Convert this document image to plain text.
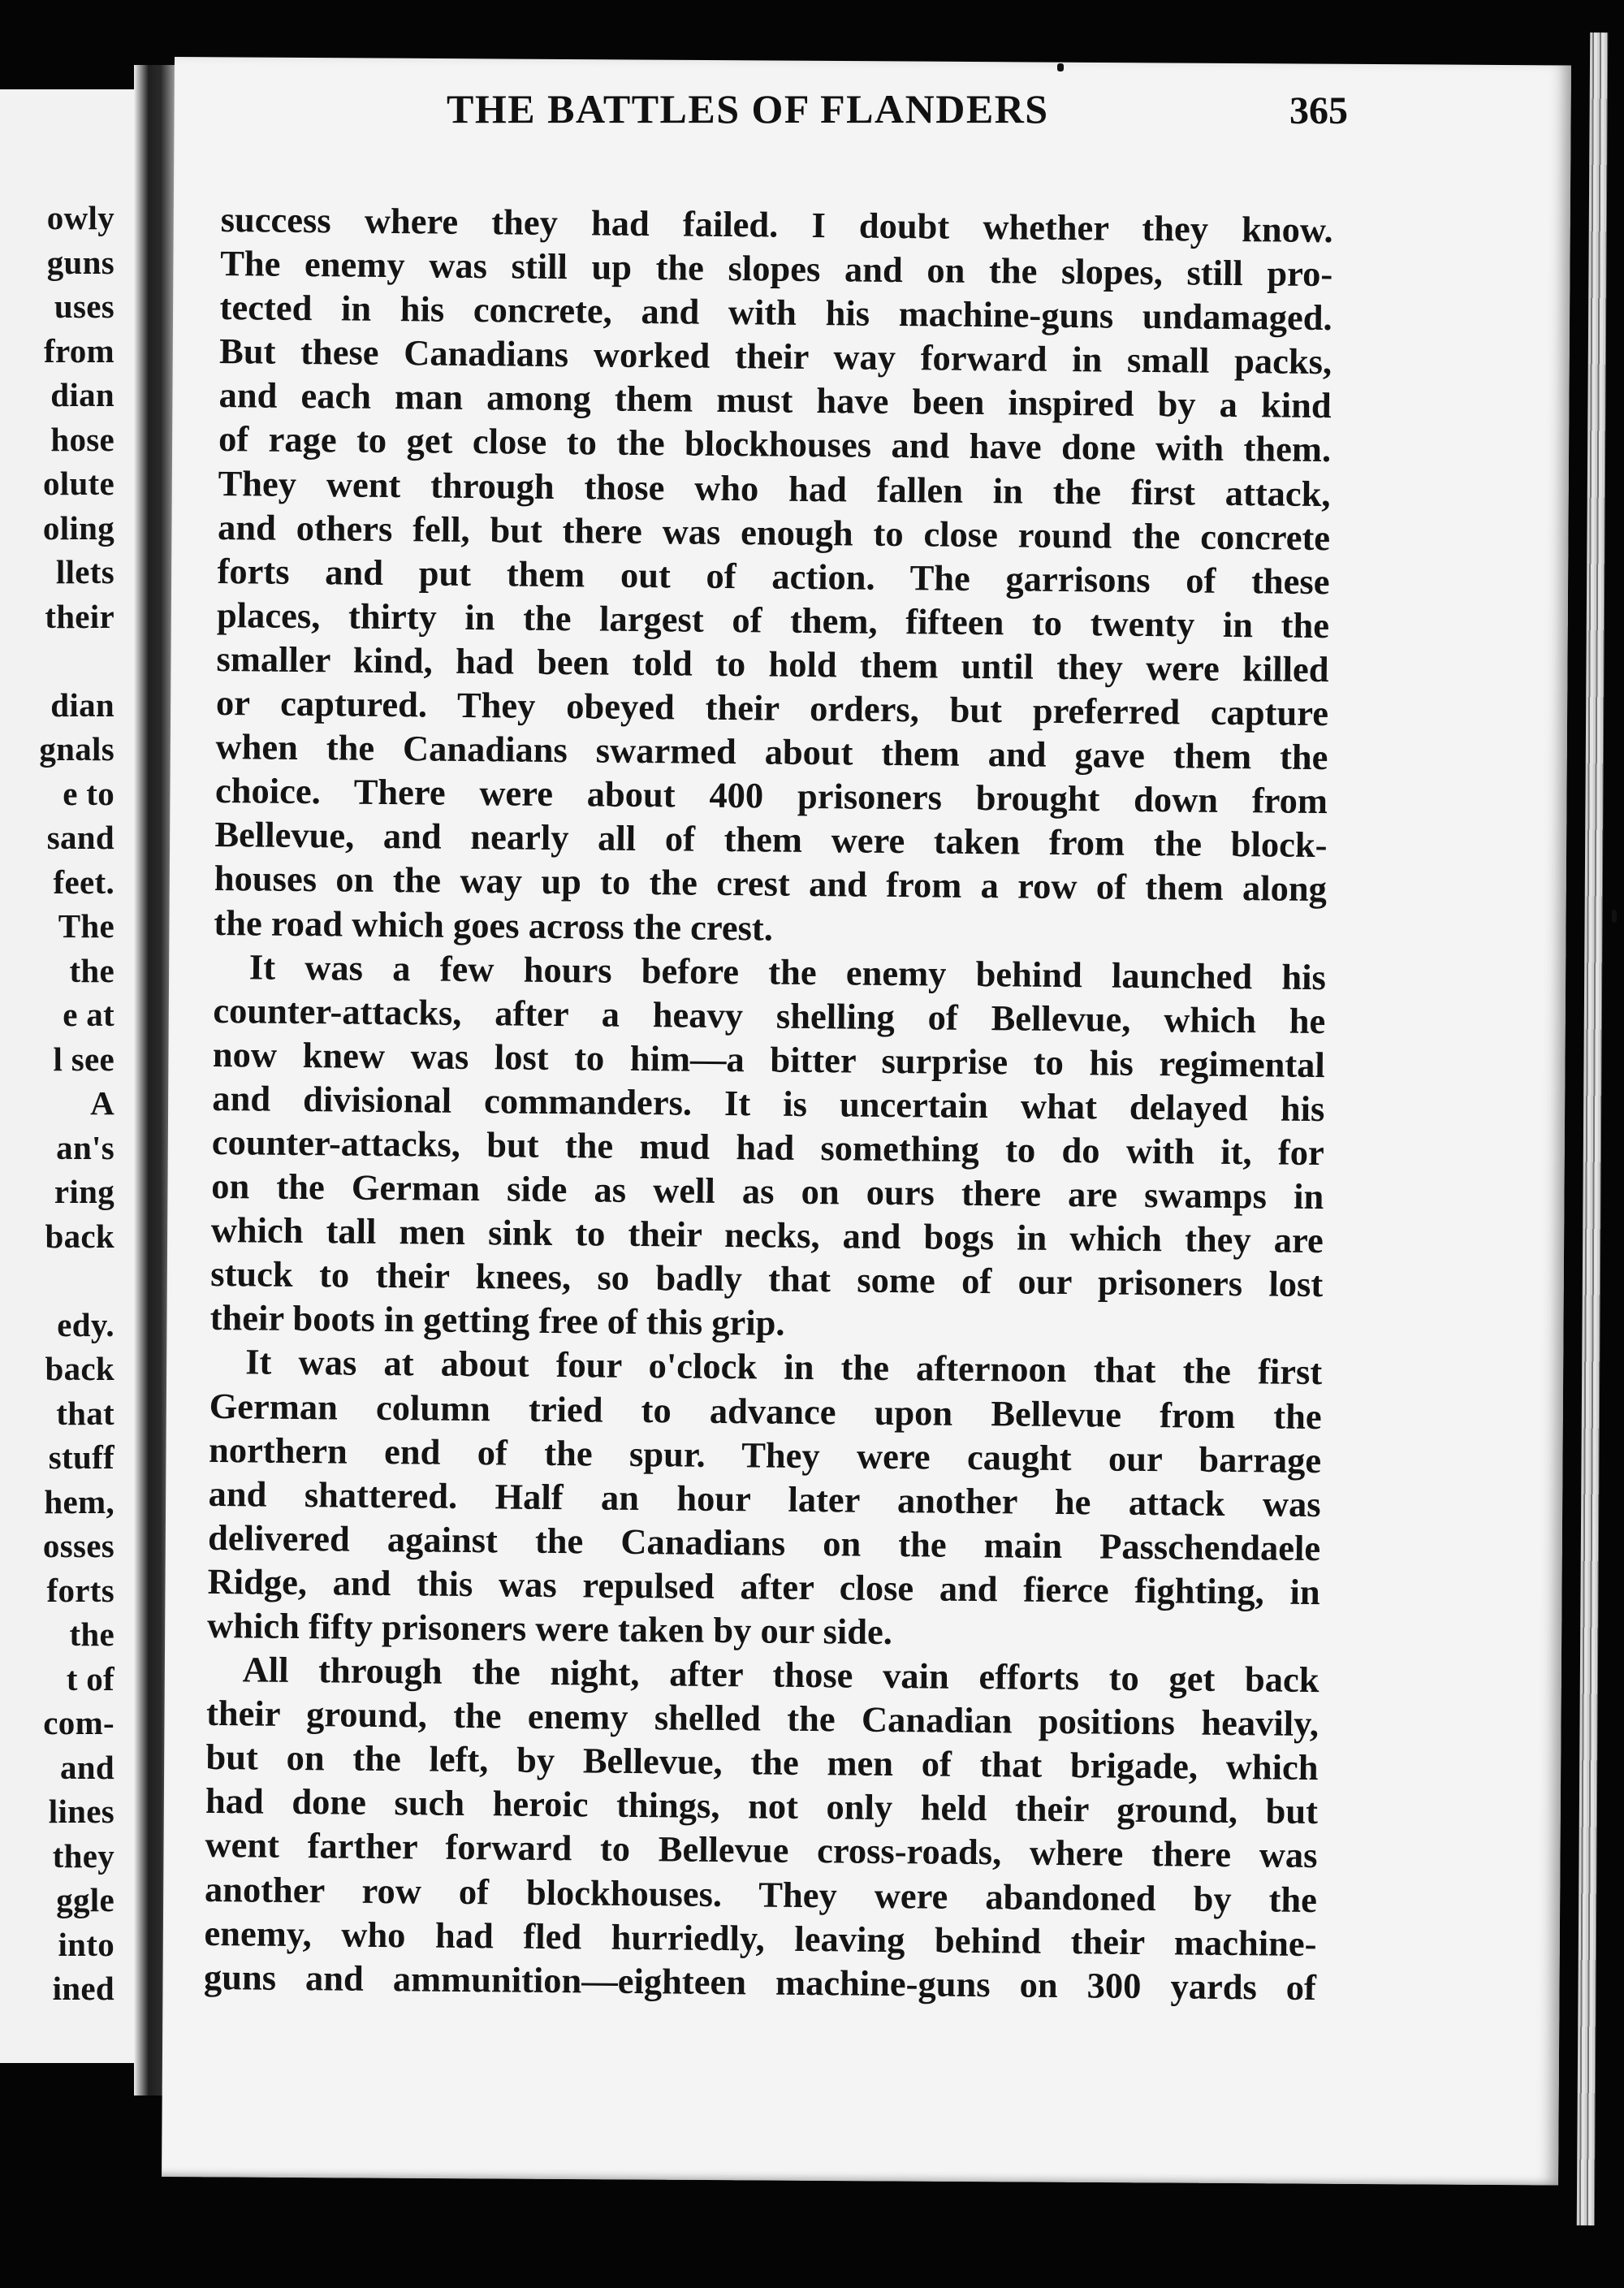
owly
guns
uses
from
dian
hose
olute
oling
llets
their
dian
gnals
e to
sand
feet.
The
the
e at
l see
A
an's
ring
back
edy.
back
that
stuff
hem,
osses
forts
the
t of
com-
and
lines
they
ggle
into
ined
THE BATTLES OF FLANDERS	365
success where they had failed. I doubt whether they know.
The enemy was still up the slopes and on the slopes, still pro-
tected in his concrete, and with his machine-guns undamaged.
But these Canadians worked their way forward in small packs,
and each man among them must have been inspired by a kind
of rage to get close to the blockhouses and have done with them.
They went through those who had fallen in the first attack,
and others fell, but there was enough to close round the concrete
forts and put them out of action. The garrisons of these
places, thirty in the largest of them, fifteen to twenty in the
smaller kind, had been told to hold them until they were killed
or captured. They obeyed their orders, but preferred capture
when the Canadians swarmed about them and gave them the
choice. There were about 400 prisoners brought down from
Bellevue, and nearly all of them were taken from the block-
houses on the way up to the crest and from a row of them along
the road which goes across the crest.
It was a few hours before the enemy behind launched his
counter-attacks, after a heavy shelling of Bellevue, which he
now knew was lost to him—a bitter surprise to his regimental
and divisional commanders. It is uncertain what delayed his
counter-attacks, but the mud had something to do with it, for
on the German side as well as on ours there are swamps in
which tall men sink to their necks, and bogs in which they are
stuck to their knees, so badly that some of our prisoners lost
their boots in getting free of this grip.
It was at about four o'clock in the afternoon that the first
German column tried to advance upon Bellevue from the
northern end of the spur. They were caught our barrage
and shattered. Half an hour later another he attack was
delivered against the Canadians on the main Passchendaele
Ridge, and this was repulsed after close and fierce fighting, in
which fifty prisoners were taken by our side.
All through the night, after those vain efforts to get back
their ground, the enemy shelled the Canadian positions heavily,
but on the left, by Bellevue, the men of that brigade, which
had done such heroic things, not only held their ground, but
went farther forward to Bellevue cross-roads, where there was
another row of blockhouses. They were abandoned by the
enemy, who had fled hurriedly, leaving behind their machine-
guns and ammunition—eighteen machine-guns on 300 yards of
